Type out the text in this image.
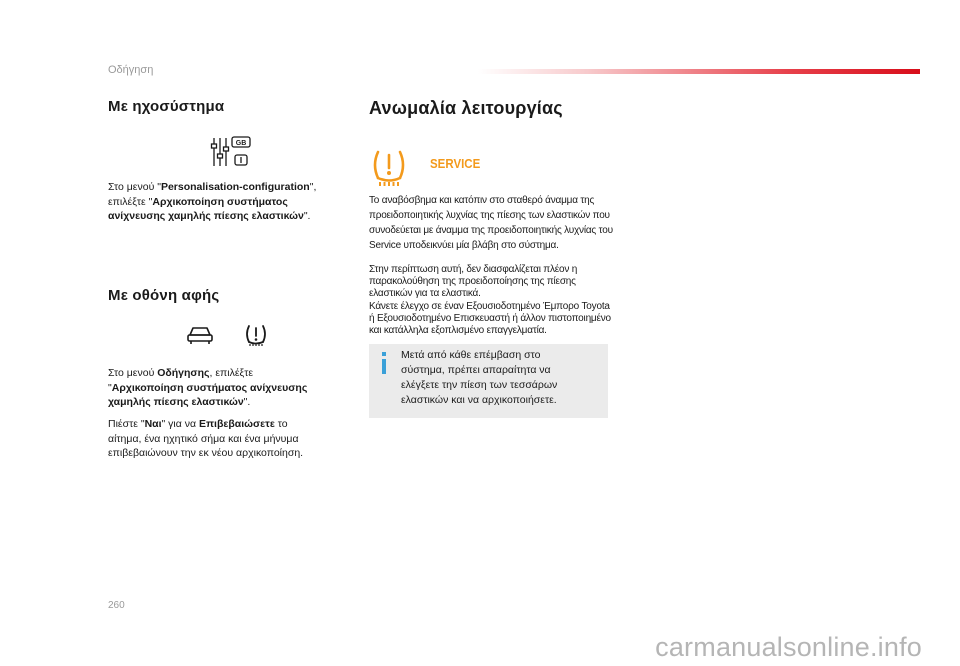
Οδήγηση
Με ηχοσύστημα
GB
Στο μενού "Personalisation-configuration",
επιλέξτε "Αρχικοποίηση συστήματος
ανίχνευσης χαμηλής πίεσης ελαστικών".
Με οθόνη αφής
Στο μενού Οδήγησης, επιλέξτε
"Αρχικοποίηση συστήματος ανίχνευσης
χαμηλής πίεσης ελαστικών".
Πιέστε "Ναι" για να Επιβεβαιώσετε το
αίτημα, ένα ηχητικό σήμα και ένα μήνυμα
επιβεβαιώνουν την εκ νέου αρχικοποίηση.
Ανωμαλία λειτουργίας
SERVICE
Το αναβόσβημα και κατόπιν στο σταθερό άναμμα της
προειδοποιητικής λυχνίας της πίεσης των ελαστικών που
συνοδεύεται με άναμμα της προειδοποιητικής λυχνίας του
Service υποδεικνύει μία βλάβη στο σύστημα.
Στην περίπτωση αυτή, δεν διασφαλίζεται πλέον η
παρακολούθηση της προειδοποίησης της πίεσης
ελαστικών για τα ελαστικά.
Κάνετε έλεγχο σε έναν Εξουσιοδοτημένο Έμπορο Toyota
ή Εξουσιοδοτημένο Επισκευαστή ή άλλον πιστοποιημένο
και κατάλληλα εξοπλισμένο επαγγελματία.
Μετά από κάθε επέμβαση στο
σύστημα, πρέπει απαραίτητα να
ελέγξετε την πίεση των τεσσάρων
ελαστικών και να αρχικοποιήσετε.
260
carmanualsonline.info
